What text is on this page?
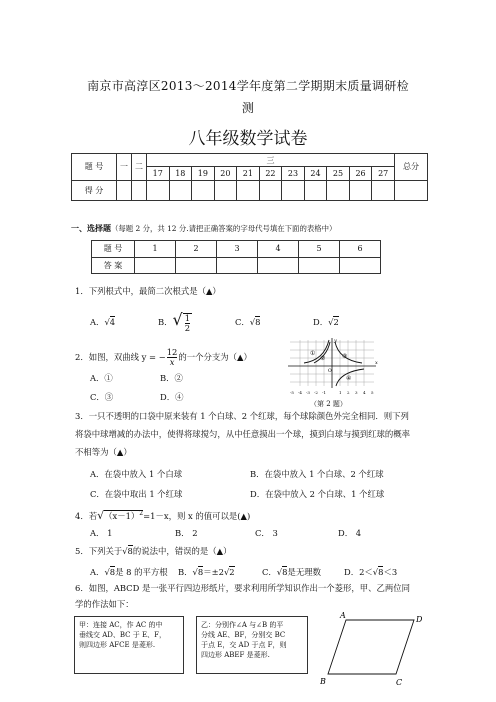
南京市高淳区2013～2014学年度第二学期期末质量调研检
测
八年级数学试卷
题 号	一	二	三											总分
			17	18	19	20	21	22	23	24	25	26	27	
得 分														
一、选择题（每题 2 分，共 12 分.请把正确答案的字母代号填在下面的表格中）
题 号	1	2	3	4	5	6
答 案						
1．下列根式中，最简二次根式是（▲）
A．√4	B．√ $\frac{1}{2}$	C．√8	D．√2
2．如图，双曲线 y = − $\frac{12}{x}$ 的一个分支为（▲）
A．①	B．②
C．③	D．④
①
②	③
④
y
x
O
-5 -4 -3 -2 -1	1 2 3 4 5
（第 2 题）
3．一只不透明的口袋中原来装有 1 个白球、2 个红球，每个球除颜色外完全相同．则下列
将袋中球增减的办法中，使得将球搅匀，从中任意摸出一个球，摸到白球与摸到红球的概率
不相等为（▲）
A．在袋中放入 1 个白球	B．在袋中放入 1 个白球、2 个红球
C．在袋中取出 1 个红球	D．在袋中放入 2 个白球、1 个红球
4．若$√(x-1)^2=1-x$，则 x 的值可以是(▲)
A． 1	B． 2	C． 3	D． 4
5．下列关于√8的说法中，错误的是（▲）
A．√8是 8 的平方根 B．√8＝±2√2	C．√8是无理数	D．2＜√8＜3
6．如图，ABCD 是一张平行四边形纸片，要求利用所学知识作出一个菱形，甲、乙两位同
学的作法如下：
甲：连接 AC，作 AC 的中
垂线交 AD、BC 于 E、F，
则四边形 AFCE 是菱形.
乙：分别作∠A 与∠B 的平
分线 AE、BF，分别交 BC
于点 E，交 AD 于点 F，则
四边形 ABEF 是菱形.
A	D
B	C
